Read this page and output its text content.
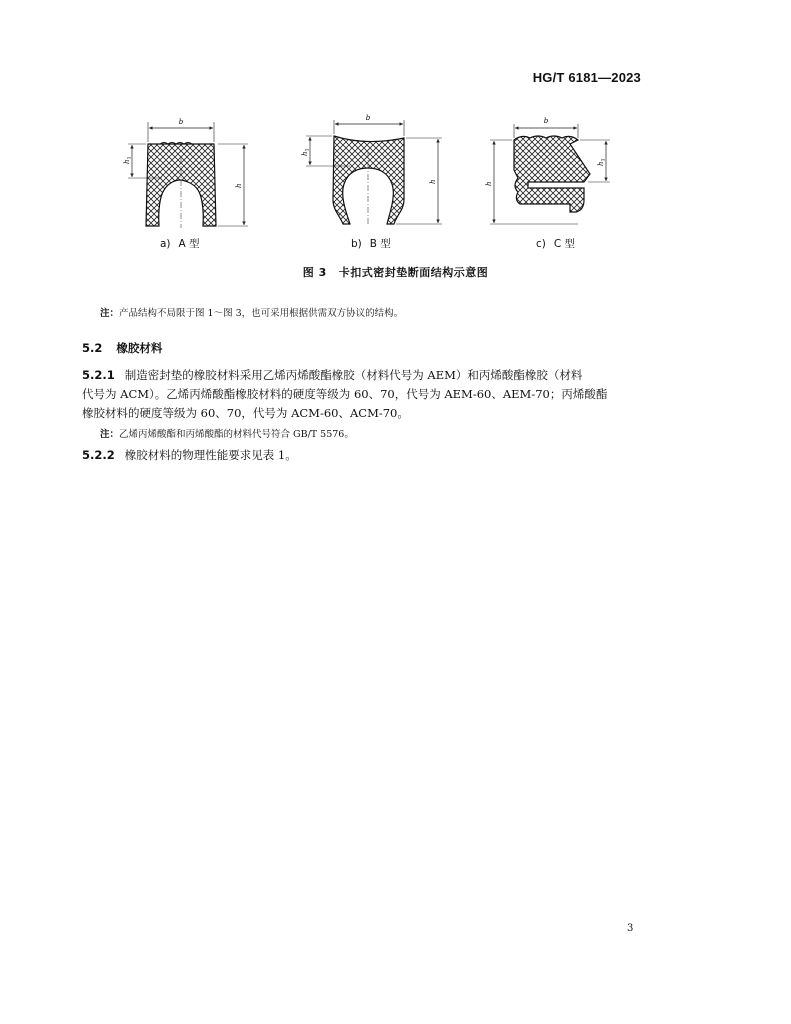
HG/T 6181—2023
b
h
$h_1$
b
h
$h_1$
b
h
$h_1$
a) A 型	b) B 型	c) C 型
图 3 卡扣式密封垫断面结构示意图
注：产品结构不局限于图 1～图 3，也可采用根据供需双方协议的结构。
5.2 橡胶材料
5.2.1 制造密封垫的橡胶材料采用乙烯丙烯酸酯橡胶（材料代号为 AEM）和丙烯酸酯橡胶（材料
代号为 ACM）。乙烯丙烯酸酯橡胶材料的硬度等级为 60、70，代号为 AEM-60、AEM-70；丙烯酸酯
橡胶材料的硬度等级为 60、70，代号为 ACM-60、ACM-70。
注：乙烯丙烯酸酯和丙烯酸酯的材料代号符合 GB/T 5576。
5.2.2 橡胶材料的物理性能要求见表 1。
3
